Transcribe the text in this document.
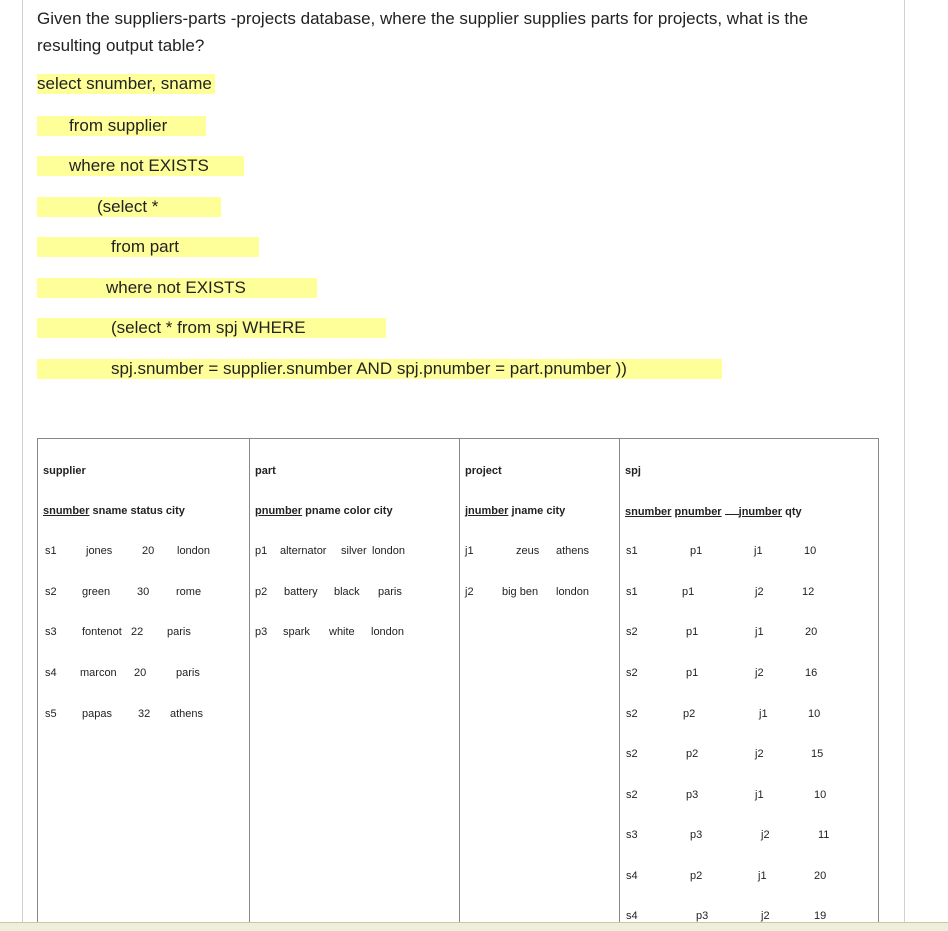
Given the suppliers-parts -projects database, where the supplier supplies parts for projects, what is the resulting output table?
select snumber, sname
from supplier
where not EXISTS
(select *
from part
where not EXISTS
(select * from spj WHERE
spj.snumber = supplier.snumber AND spj.pnumber = part.pnumber ))
supplier
snumber sname status city
s1	jones	20 london
s2 green 30 rome
s3 fontenot 22 paris
s4 marcon 20	paris
s5 papas 32 athens
part
pnumber pname color city
p1 alternator silver london
p2 battery black paris
p3 spark white london
project
jnumber jname city
j1	zeus athens
j2	big ben london
spj
snumber pnumber jnumber qty
s1	p1	j1	10
s1	p1	j2	12
s2	p1	j1	20
s2	p1	j2	16
s2	p2	j1	10
s2	p2	j2	15
s2	p3	j1	10
s3	p3	j2	11
s4	p2	j1	20
s4	p3	j2	19
